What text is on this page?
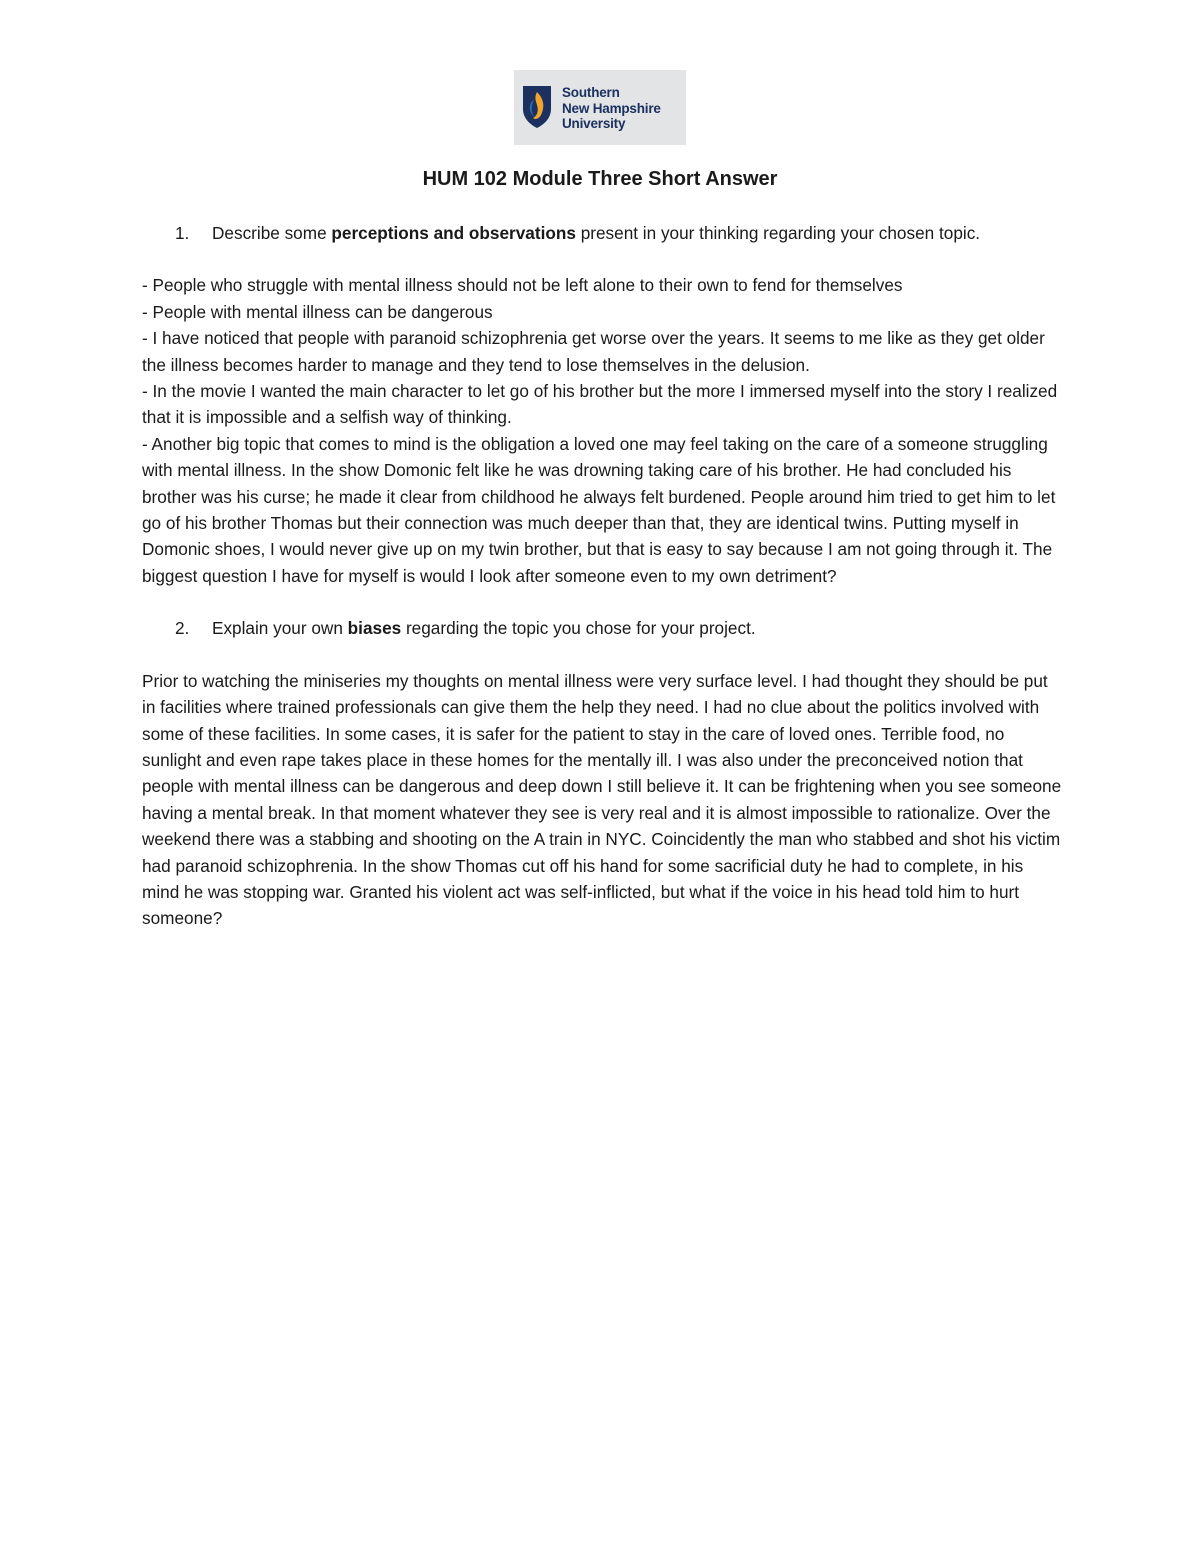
Southern
New Hampshire
University
HUM 102 Module Three Short Answer
1. Describe some perceptions and observations present in your thinking regarding your chosen topic.

- People who struggle with mental illness should not be left alone to their own to fend for themselves

- People with mental illness can be dangerous

- I have noticed that people with paranoid schizophrenia get worse over the years. It seems to me like as they get older the illness becomes harder to manage and they tend to lose themselves in the delusion.

- In the movie I wanted the main character to let go of his brother but the more I immersed myself into the story I realized that it is impossible and a selfish way of thinking.

- Another big topic that comes to mind is the obligation a loved one may feel taking on the care of a someone struggling with mental illness. In the show Domonic felt like he was drowning taking care of his brother. He had concluded his brother was his curse; he made it clear from childhood he always felt burdened. People around him tried to get him to let go of his brother Thomas but their connection was much deeper than that, they are identical twins. Putting myself in Domonic shoes, I would never give up on my twin brother, but that is easy to say because I am not going through it. The biggest question I have for myself is would I look after someone even to my own detriment?

2. Explain your own biases regarding the topic you chose for your project.

Prior to watching the miniseries my thoughts on mental illness were very surface level. I had thought they should be put in facilities where trained professionals can give them the help they need. I had no clue about the politics involved with some of these facilities. In some cases, it is safer for the patient to stay in the care of loved ones. Terrible food, no sunlight and even rape takes place in these homes for the mentally ill. I was also under the preconceived notion that people with mental illness can be dangerous and deep down I still believe it. It can be frightening when you see someone having a mental break. In that moment whatever they see is very real and it is almost impossible to rationalize. Over the weekend there was a stabbing and shooting on the A train in NYC. Coincidently the man who stabbed and shot his victim had paranoid schizophrenia. In the show Thomas cut off his hand for some sacrificial duty he had to complete, in his mind he was stopping war. Granted his violent act was self-inflicted, but what if the voice in his head told him to hurt someone?
